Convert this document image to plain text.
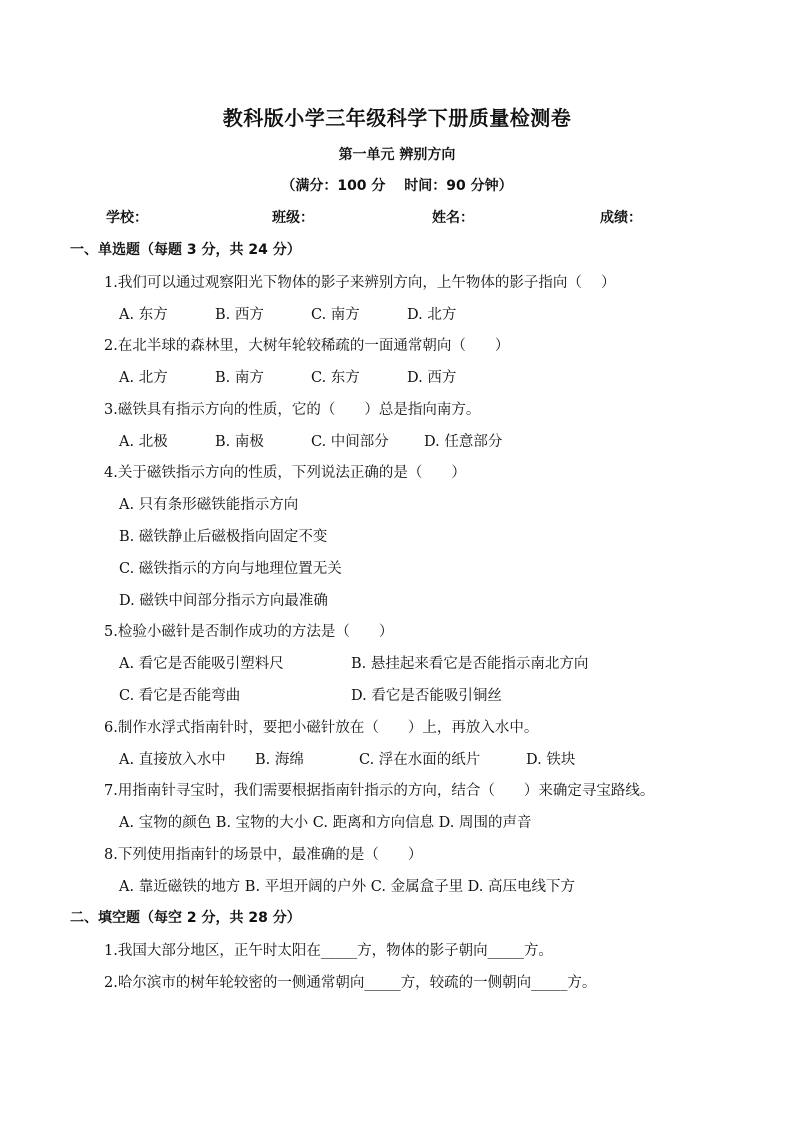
教科版小学三年级科学下册质量检测卷
第一单元 辨别方向
（满分：100 分　 时间：90 分钟）
学校：	班级：	姓名：	成绩：
一、单选题（每题 3 分，共 24 分）
1.我们可以通过观察阳光下物体的影子来辨别方向，上午物体的影子指向（　 ）
A. 东方	B. 西方	C. 南方	D. 北方
2.在北半球的森林里，大树年轮较稀疏的一面通常朝向（　　）
A. 北方	B. 南方	C. 东方	D. 西方
3.磁铁具有指示方向的性质，它的（　　）总是指向南方。
A. 北极	B. 南极	C. 中间部分 D. 任意部分
4.关于磁铁指示方向的性质，下列说法正确的是（　　）
A. 只有条形磁铁能指示方向
B. 磁铁静止后磁极指向固定不变
C. 磁铁指示的方向与地理位置无关
D. 磁铁中间部分指示方向最准确
5.检验小磁针是否制作成功的方法是（　　）
A. 看它是否能吸引塑料尺	B. 悬挂起来看它是否能指示南北方向
C. 看它是否能弯曲	D. 看它是否能吸引铜丝
6.制作水浮式指南针时，要把小磁针放在（　　）上，再放入水中。
A. 直接放入水中 B. 海绵	C. 浮在水面的纸片	D. 铁块
7.用指南针寻宝时，我们需要根据指南针指示的方向，结合（　　）来确定寻宝路线。
A. 宝物的颜色 B. 宝物的大小 C. 距离和方向信息 D. 周围的声音
8.下列使用指南针的场景中，最准确的是（　　）
A. 靠近磁铁的地方 B. 平坦开阔的户外 C. 金属盒子里 D. 高压电线下方
二、填空题（每空 2 分，共 28 分）
1.我国大部分地区，正午时太阳在_____方，物体的影子朝向_____方。
2.哈尔滨市的树年轮较密的一侧通常朝向_____方，较疏的一侧朝向_____方。
